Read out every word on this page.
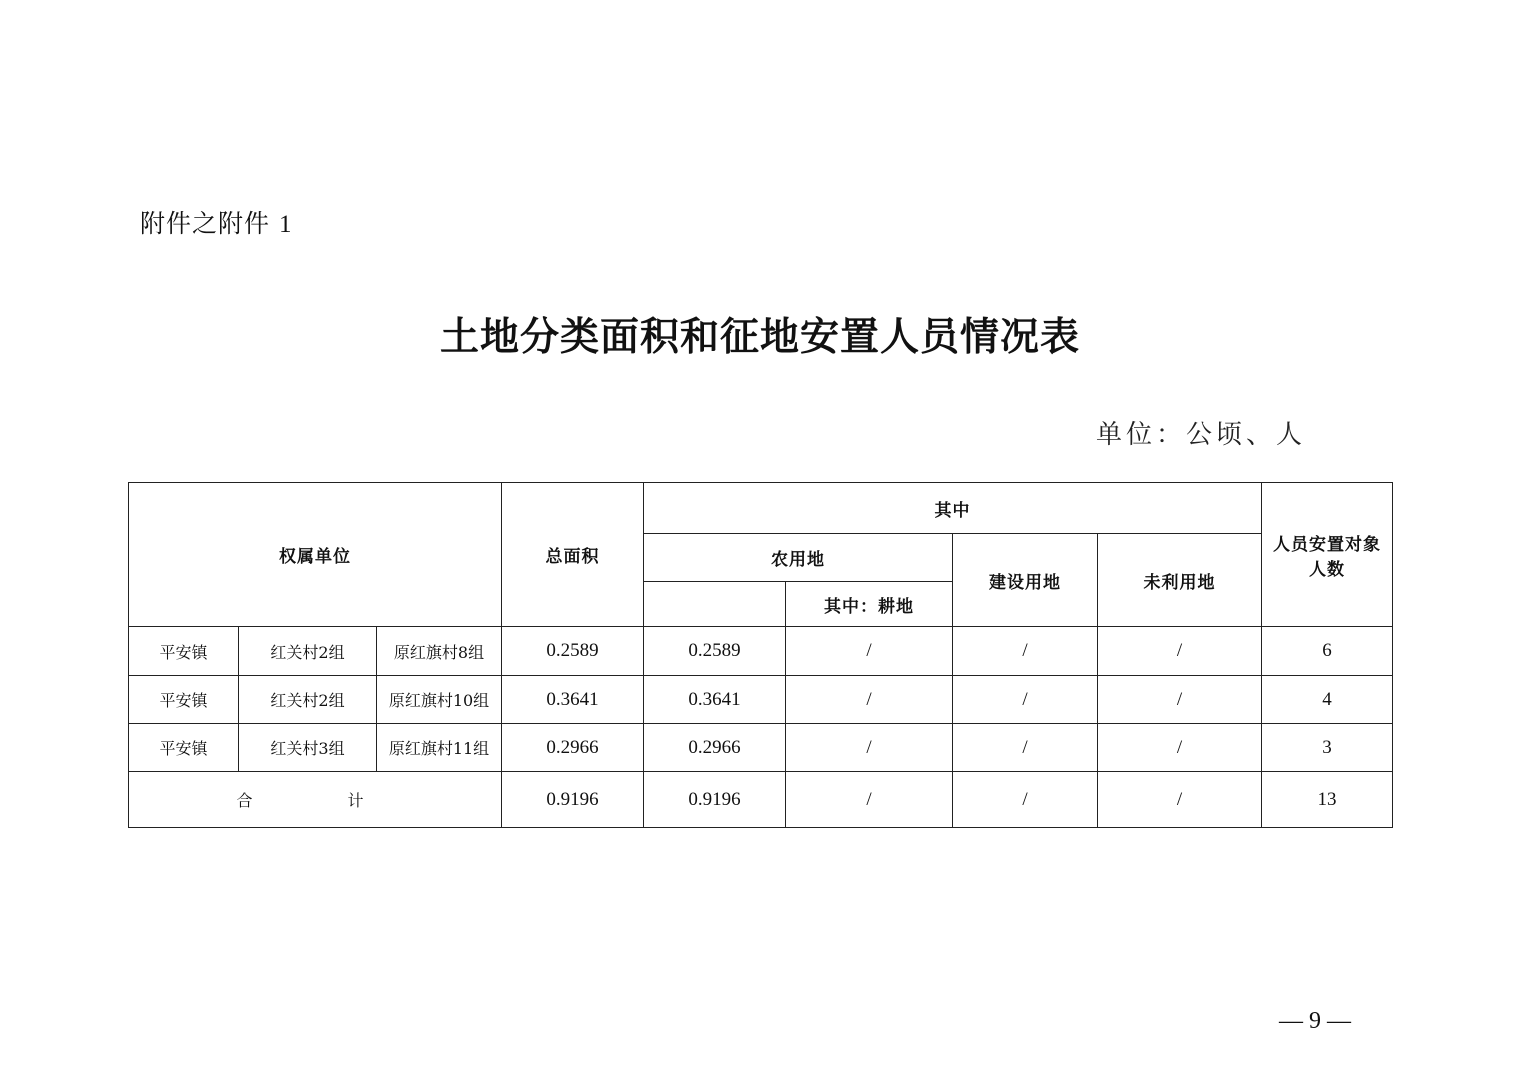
附件之附件 1
土地分类面积和征地安置人员情况表
单位：公顷、人
权属单位			总面积	其中				人员安置对象人数
				农用地		建设用地	未利用地	
					其中：耕地			
平安镇	红关村2组	原红旗村8组	0.2589	0.2589	/	/	/	6
平安镇	红关村2组	原红旗村10组	0.3641	0.3641	/	/	/	4
平安镇	红关村3组	原红旗村11组	0.2966	0.2966	/	/	/	3
合 计			0.9196	0.9196	/	/	/	13
— 9 —
